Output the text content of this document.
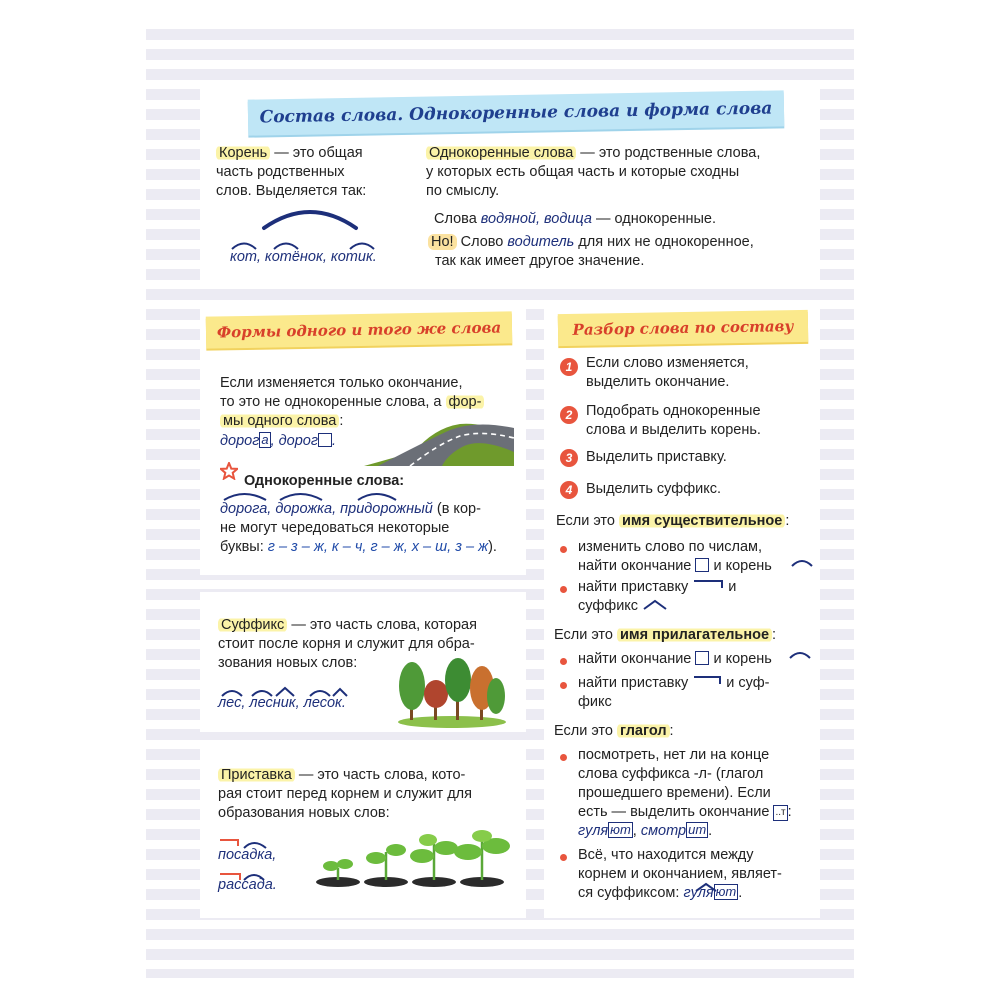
Состав слова. Однокоренные слова и форма слова
Корень — это общая
часть родственных
слов. Выделяется так:
кот, котёнок, котик.
Однокоренные слова — это родственные слова,
у которых есть общая часть и которые сходны
по смыслу.
Слова водяной, водица — однокоренные.
Но! Слово водитель для них не однокоренное,
так как имеет другое значение.
Формы одного и того же слова
Если изменяется только окончание,
то это не однокоренные слова, а фор-
мы одного слова :
дорог а , дорог .
Однокоренные слова:
дорога, дорожка, придорожный (в кор-
не могут чередоваться некоторые
буквы: г – з – ж, к – ч, г – ж, х – ш, з – ж).
Суффикс — это часть слова, которая
стоит после корня и служит для обра-
зования новых слов:
лес, лесник, лесок.
Приставка — это часть слова, кото-
рая стоит перед корнем и служит для
образования новых слов:
посадка,
рассада.
Разбор слова по составу
1 Если слово изменяется,
выделить окончание.
2 Подобрать однокоренные
слова и выделить корень.
3 Выделить приставку.
4 Выделить суффикс.
Если это имя существительное :
изменить слово по числам,
найти окончание и корень
найти приставку	и
суффикс
Если это имя прилагательное :
найти окончание и корень
найти приставку	и суф-
фикс
Если это глагол :
посмотреть, нет ли на конце
слова суффикса -л- (глагол
прошедшего времени). Если
есть — выделить окончание ..т :
гуля ют , смотр ит .
Всё, что находится между
корнем и окончанием, являет-
ся суффиксом: гуля ют .
